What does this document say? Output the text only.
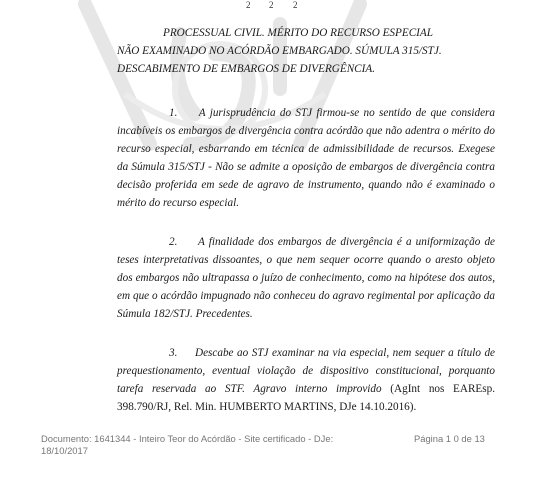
2 2 2
PROCESSUAL CIVIL. MÉRITO DO RECURSO ESPECIAL
NÃO EXAMINADO NO ACÓRDÃO EMBARGADO. SÚMULA 315/STJ.
DESCABIMENTO DE EMBARGOS DE DIVERGÊNCIA.

1. A jurisprudência do STJ firmou-se no sentido de que considera incabíveis os embargos de divergência contra acórdão que não adentra o mérito do recurso especial, esbarrando em técnica de admissibilidade de recursos. Exegese da Súmula 315/STJ - Não se admite a oposição de embargos de divergência contra decisão proferida em sede de agravo de instrumento, quando não é examinado o mérito do recurso especial.

2. A finalidade dos embargos de divergência é a uniformização de teses interpretativas dissoantes, o que nem sequer ocorre quando o aresto objeto dos embargos não ultrapassa o juízo de conhecimento, como na hipótese dos autos, em que o acórdão impugnado não conheceu do agravo regimental por aplicação da Súmula 182/STJ. Precedentes.

3. Descabe ao STJ examinar na via especial, nem sequer a título de prequestionamento, eventual violação de dispositivo constitucional, porquanto tarefa reservada ao STF. Agravo interno improvido (AgInt nos EAREsp. 398.790/RJ, Rel. Min. HUMBERTO MARTINS, DJe 14.10.2016).

Documento: 1641344 - Inteiro Teor do Acórdão - Site certificado - DJe: 18/10/2017
Página 1 0 de 13
